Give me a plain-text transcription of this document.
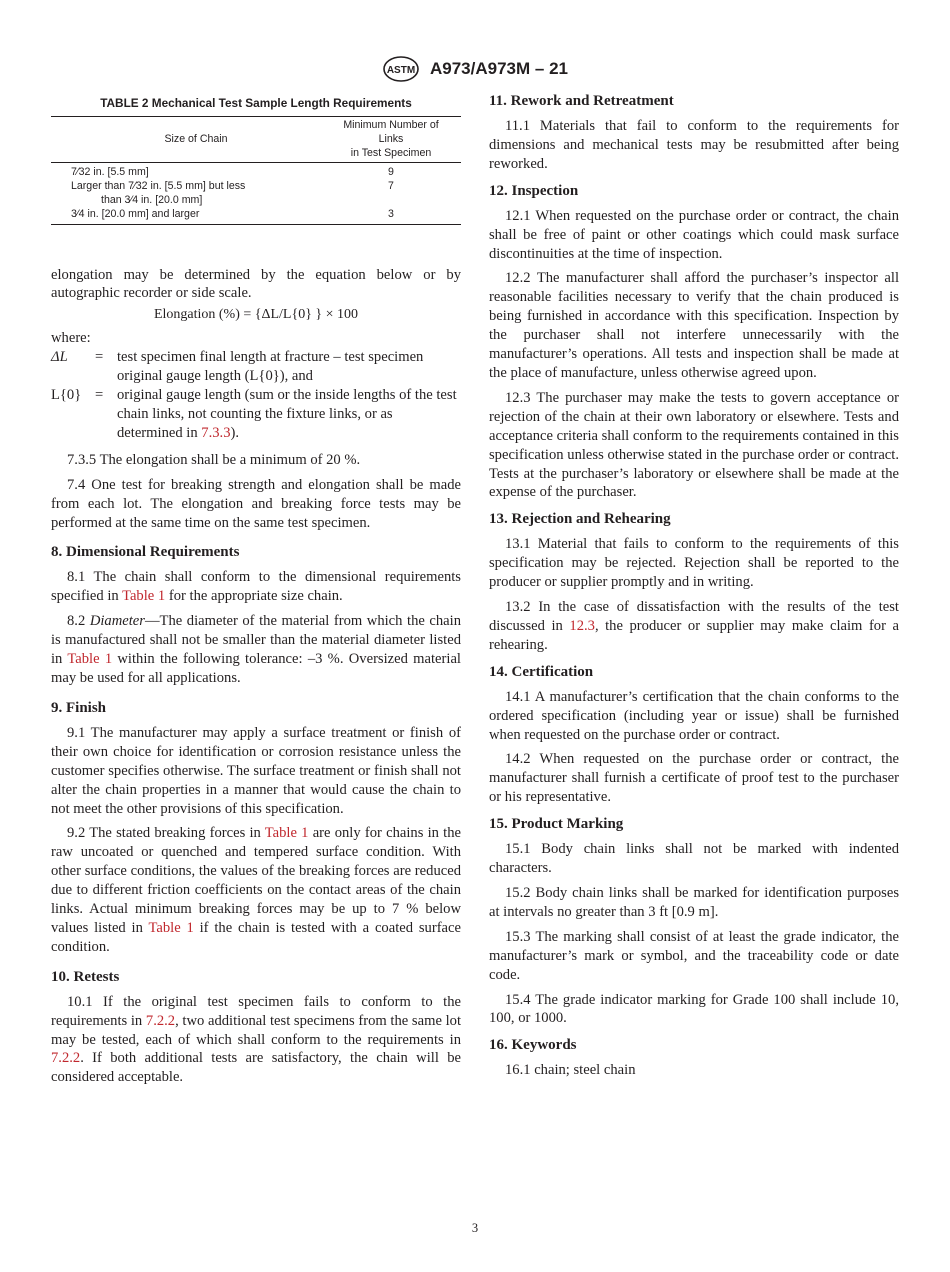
ASTM A973/A973M – 21
TABLE 2 Mechanical Test Sample Length Requirements
Size of Chain	Minimum Number of
Links
in Test Specimen
7⁄32 in. [5.5 mm]	9
Larger than 7⁄32 in. [5.5 mm] but less
than 3⁄4 in. [20.0 mm]	7
3⁄4 in. [20.0 mm] and larger	3

elongation may be determined by the equation below or by autographic recorder or side scale.

Elongation (%) = {ΔL/L{0} } × 100

where:

ΔL	= test specimen final length at fracture – test specimen original gauge length (L{0}), and
L{0} = original gauge length (sum or the inside lengths of the test chain links, not counting the fixture links, or as determined in 7.3.3).

7.3.5 The elongation shall be a minimum of 20 %.

7.4 One test for breaking strength and elongation shall be made from each lot. The elongation and breaking force tests may be performed at the same time on the same test specimen.

8. Dimensional Requirements

8.1 The chain shall conform to the dimensional requirements specified in Table 1 for the appropriate size chain.

8.2 Diameter—The diameter of the material from which the chain is manufactured shall not be smaller than the material diameter listed in Table 1 within the following tolerance: –3 %. Oversized material may be used for all applications.

9. Finish

9.1 The manufacturer may apply a surface treatment or finish of their own choice for identification or corrosion resistance unless the customer specifies otherwise. The surface treatment or finish shall not alter the chain properties in a manner that would cause the chain to not meet the other provisions of this specification.

9.2 The stated breaking forces in Table 1 are only for chains in the raw uncoated or quenched and tempered surface condition. With other surface conditions, the values of the breaking forces are reduced due to different friction coefficients on the contact areas of the chain links. Actual minimum breaking forces may be up to 7 % below values listed in Table 1 if the chain is tested with a coated surface condition.

10. Retests

10.1 If the original test specimen fails to conform to the requirements in 7.2.2, two additional test specimens from the same lot may be tested, each of which shall conform to the requirements in 7.2.2. If both additional tests are satisfactory, the chain will be considered acceptable.

11. Rework and Retreatment

11.1 Materials that fail to conform to the requirements for dimensions and mechanical tests may be resubmitted after being reworked.

12. Inspection

12.1 When requested on the purchase order or contract, the chain shall be free of paint or other coatings which could mask surface discontinuities at the time of inspection.

12.2 The manufacturer shall afford the purchaser’s inspector all reasonable facilities necessary to verify that the chain produced is being furnished in accordance with this specification. Inspection by the purchaser shall not interfere unnecessarily with the manufacturer’s operations. All tests and inspection shall be made at the place of manufacture, unless otherwise agreed upon.

12.3 The purchaser may make the tests to govern acceptance or rejection of the chain at their own laboratory or elsewhere. Tests and acceptance criteria shall conform to the requirements contained in this specification unless otherwise stated in the purchase order or contract. Tests at the purchaser’s laboratory or elsewhere shall be made at the expense of the purchaser.

13. Rejection and Rehearing

13.1 Material that fails to conform to the requirements of this specification may be rejected. Rejection shall be reported to the producer or supplier promptly and in writing.

13.2 In the case of dissatisfaction with the results of the test discussed in 12.3, the producer or supplier may make claim for a rehearing.

14. Certification

14.1 A manufacturer’s certification that the chain conforms to the ordered specification (including year or issue) shall be furnished when requested on the purchase order or contract.

14.2 When requested on the purchase order or contract, the manufacturer shall furnish a certificate of proof test to the purchaser or his representative.

15. Product Marking

15.1 Body chain links shall not be marked with indented characters.

15.2 Body chain links shall be marked for identification purposes at intervals no greater than 3 ft [0.9 m].

15.3 The marking shall consist of at least the grade indicator, the manufacturer’s mark or symbol, and the traceability code or date code.

15.4 The grade indicator marking for Grade 100 shall include 10, 100, or 1000.

16. Keywords

16.1 chain; steel chain

3
